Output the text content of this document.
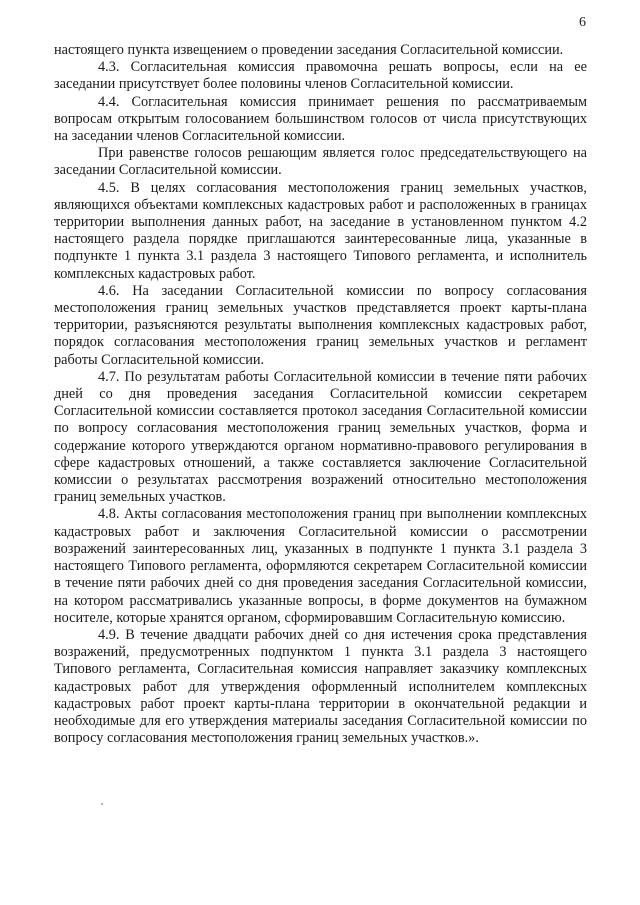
6

настоящего пункта извещением о проведении заседания Согласительной комиссии.

4.3. Согласительная комиссия правомочна решать вопросы, если на ее заседании присутствует более половины членов Согласительной комиссии.

4.4. Согласительная комиссия принимает решения по рассматриваемым вопросам открытым голосованием большинством голосов от числа присутствующих на заседании членов Согласительной комиссии.

При равенстве голосов решающим является голос председательствующего на заседании Согласительной комиссии.

4.5. В целях согласования местоположения границ земельных участков, являющихся объектами комплексных кадастровых работ и расположенных в границах территории выполнения данных работ, на заседание в установленном пунктом 4.2 настоящего раздела порядке приглашаются заинтересованные лица, указанные в подпункте 1 пункта 3.1 раздела 3 настоящего Типового регламента, и исполнитель комплексных кадастровых работ.

4.6. На заседании Согласительной комиссии по вопросу согласования местоположения границ земельных участков представляется проект карты-плана территории, разъясняются результаты выполнения комплексных кадастровых работ, порядок согласования местоположения границ земельных участков и регламент работы Согласительной комиссии.

4.7. По результатам работы Согласительной комиссии в течение пяти рабочих дней со дня проведения заседания Согласительной комиссии секретарем Согласительной комиссии составляется протокол заседания Согласительной комиссии по вопросу согласования местоположения границ земельных участков, форма и содержание которого утверждаются органом нормативно-правового регулирования в сфере кадастровых отношений, а также составляется заключение Согласительной комиссии о результатах рассмотрения возражений относительно местоположения границ земельных участков.

4.8. Акты согласования местоположения границ при выполнении комплексных кадастровых работ и заключения Согласительной комиссии о рассмотрении возражений заинтересованных лиц, указанных в подпункте 1 пункта 3.1 раздела 3 настоящего Типового регламента, оформляются секретарем Согласительной комиссии в течение пяти рабочих дней со дня проведения заседания Согласительной комиссии, на котором рассматривались указанные вопросы, в форме документов на бумажном носителе, которые хранятся органом, сформировавшим Согласительную комиссию.

4.9. В течение двадцати рабочих дней со дня истечения срока представления возражений, предусмотренных подпунктом 1 пункта 3.1 раздела 3 настоящего Типового регламента, Согласительная комиссия направляет заказчику комплексных кадастровых работ для утверждения оформленный исполнителем комплексных кадастровых работ проект карты-плана территории в окончательной редакции и необходимые для его утверждения материалы заседания Согласительной комиссии по вопросу согласования местоположения границ земельных участков.».
